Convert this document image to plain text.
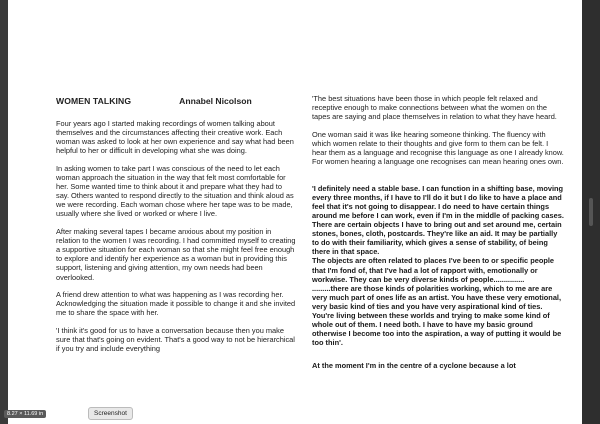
WOMEN TALKING	Annabel Nicolson

Four years ago I started making recordings of women talking about themselves and the circumstances affecting their creative work. Each woman was asked to look at her own experience and say what had been helpful to her or difficult in developing what she was doing.

In asking women to take part I was conscious of the need to let each woman approach the situation in the way that felt most comfortable for her. Some wanted time to think about it and prepare what they had to say. Others wanted to respond directly to the situation and think aloud as we were recording. Each woman chose where her tape was to be made, usually where she lived or worked or where I live.

After making several tapes I became anxious about my position in relation to the women I was recording. I had committed myself to creating a supportive situation for each woman so that she might feel free enough to explore and identify her experience as a woman but in providing this support, listening and giving attention, my own needs had been overlooked.

A friend drew attention to what was happening as I was recording her. Acknowledging the situation made it possible to change it and she invited me to share the space with her.

'I think it's good for us to have a conversation because then you make sure that that's going on evident. That's a good way to not be hierarchical if you try and include everything

'The best situations have been those in which people felt relaxed and receptive enough to make connections between what the women on the tapes are saying and place themselves in relation to what they have heard.

One woman said it was like hearing someone thinking. The fluency with which women relate to their thoughts and give form to them can be felt. I hear them as a language and recognise this language as one I already know. For women hearing a language one recognises can mean hearing ones own.

'I definitely need a stable base. I can function in a shifting base, moving every three months, if I have to I'll do it but I do like to have a place and feel that it's not going to disappear. I do need to have certain things around me before I can work, even if I'm in the middle of packing cases. There are certain objects I have to bring out and set around me, certain stones, bones, cloth, postcards. They're like an aid. It may be partially to do with their familiarity, which gives a sense of stability, of being there in that space.

The objects are often related to places I've been to or specific people that I'm fond of, that I've had a lot of rapport with, emotionally or workwise. They can be very diverse kinds of people...............

.........there are those kinds of polarities working, which to me are are very much part of ones life as an artist. You have these very emotional, very basic kind of ties and you have very aspirational kind of ties. You're living between these worlds and trying to make some kind of whole out of them. I need both. I have to have my basic ground otherwise I become too into the aspiration, a way of putting it would be too thin'.

At the moment I'm in the centre of a cyclone because a lot

8.27 × 11.69 in	Screenshot
